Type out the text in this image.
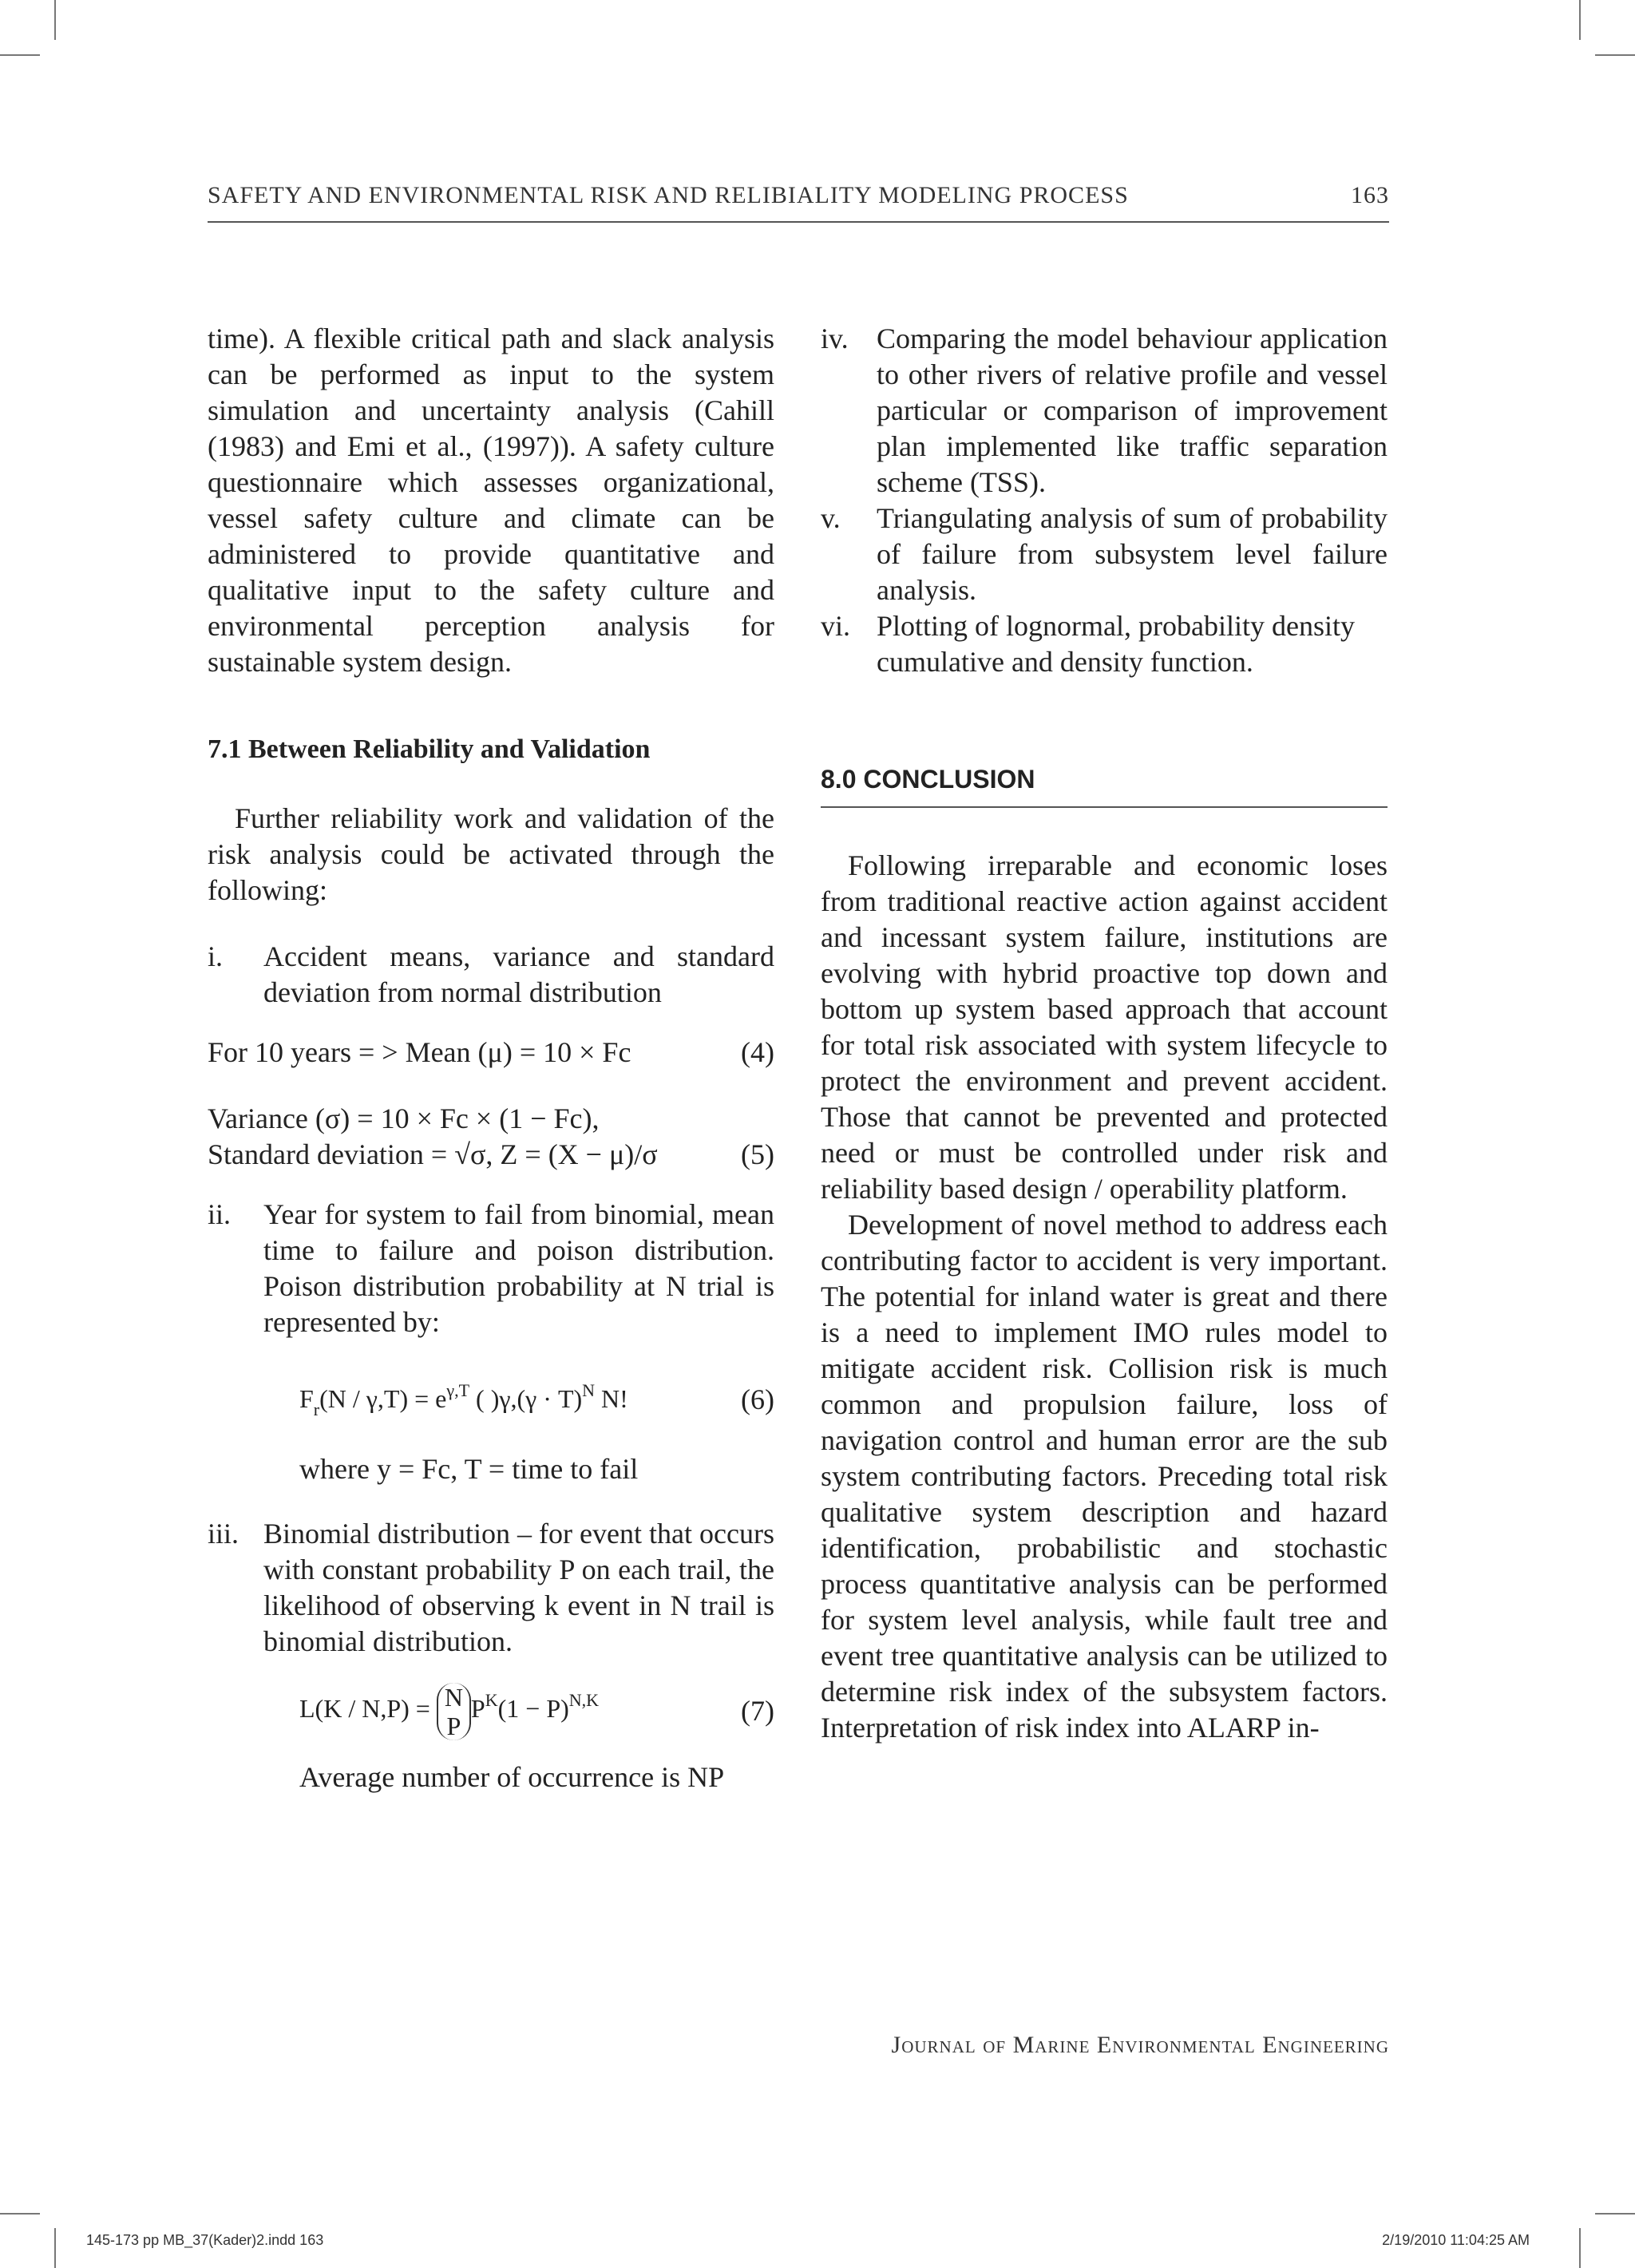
SAFETY AND ENVIRONMENTAL RISK AND RELIBIALITY MODELING PROCESS	163

time). A flexible critical path and slack analysis can be performed as input to the system simulation and uncertainty analysis (Cahill (1983) and Emi et al., (1997)). A safety culture questionnaire which assesses organizational, vessel safety culture and climate can be administered to provide quantitative and qualitative input to the safety culture and environmental perception analysis for sustainable system design.

7.1 Between Reliability and Validation

Further reliability work and validation of the risk analysis could be activated through the following:

i.	Accident means, variance and standard deviation from normal distribution
For 10 years = > Mean (μ) = 10 × Fc	(4)
Variance (σ) = 10 × Fc × (1 − Fc),
Standard deviation = √σ, Z = (X − μ)/σ	(5)
ii.	Year for system to fail from binomial, mean time to failure and poison distribution. Poison distribution probability at N trial is represented by:
$F_r(N / \gamma,T) = e^{\gamma,T}$ ( )$\gamma,(\gamma \cdot T)^N$ N!	(6)

where y = Fc, T = time to fail

iii. Binomial distribution – for event that occurs with constant probability P on each trail, the likelihood of observing k event in N trail is binomial distribution.
L(K / N,P) = N
P
$P^K(1 - P)^{N,K}$	(7)

Average number of occurrence is NP

iv. Comparing the model behaviour application to other rivers of relative profile and vessel particular or comparison of improvement plan implemented like traffic separation scheme (TSS).
v.	Triangulating analysis of sum of probability of failure from subsystem level failure analysis.
vi. Plotting of lognormal, probability density cumulative and density function.
8.0 CONCLUSION

Following irreparable and economic loses from traditional reactive action against accident and incessant system failure, institutions are evolving with hybrid proactive top down and bottom up system based approach that account for total risk associated with system lifecycle to protect the environment and prevent accident. Those that cannot be prevented and protected need or must be controlled under risk and reliability based design / operability platform.

Development of novel method to address each contributing factor to accident is very important. The potential for inland water is great and there is a need to implement IMO rules model to mitigate accident risk. Collision risk is much common and propulsion failure, loss of navigation control and human error are the sub system contributing factors. Preceding total risk qualitative system description and hazard identification, probabilistic and stochastic process quantitative analysis can be performed for system level analysis, while fault tree and event tree quantitative analysis can be utilized to determine risk index of the subsystem factors. Interpretation of risk index into ALARP in-

Journal of Marine Environmental Engineering
145-173 pp MB_37(Kader)2.indd 163	2/19/2010 11:04:25 AM
